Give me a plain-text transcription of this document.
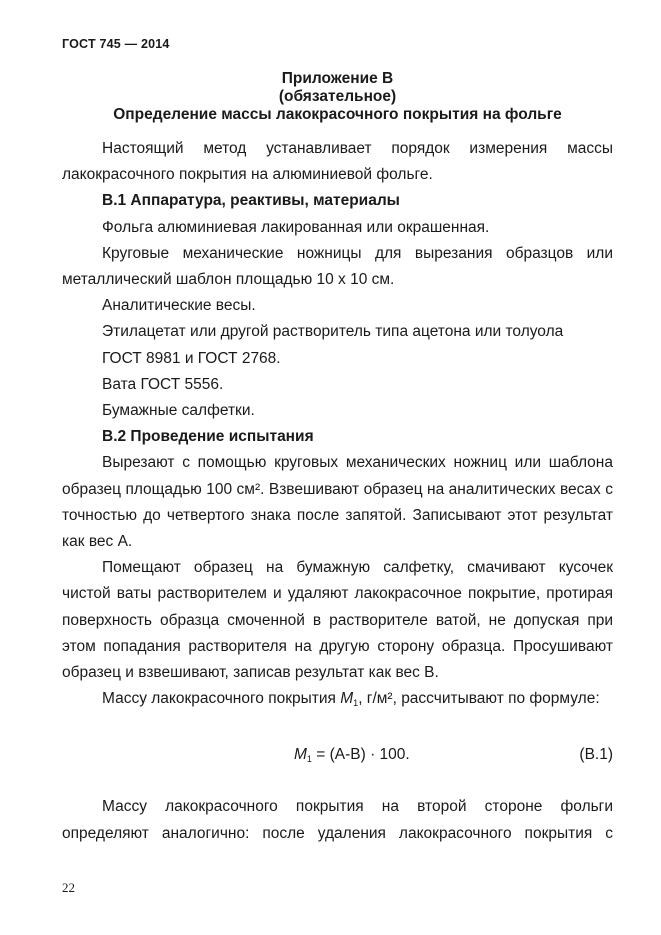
ГОСТ 745 — 2014
Приложение В
(обязательное)
Определение массы лакокрасочного покрытия на фольге

Настоящий метод устанавливает порядок измерения массы лакокрасочного покрытия на алюминиевой фольге.

В.1 Аппаратура, реактивы, материалы

Фольга алюминиевая лакированная или окрашенная.

Круговые механические ножницы для вырезания образцов или металлический шаблон площадью 10 х 10 см.

Аналитические весы.

Этилацетат или другой растворитель типа ацетона или толуола

ГОСТ 8981 и ГОСТ 2768.

Вата ГОСТ 5556.

Бумажные салфетки.

В.2 Проведение испытания

Вырезают с помощью круговых механических ножниц или шаблона образец площадью 100 см². Взвешивают образец на аналитических весах с точностью до четвертого знака после запятой. Записывают этот результат как вес А.

Помещают образец на бумажную салфетку, смачивают кусочек чистой ваты растворителем и удаляют лакокрасочное покрытие, протирая поверхность образца смоченной в растворителе ватой, не допуская при этом попадания растворителя на другую сторону образца. Просушивают образец и взвешивают, записав результат как вес В.

Массу лакокрасочного покрытия $M_1$, г/м², рассчитывают по формуле:

$M_1 = (А-В) \cdot 100$.	(В.1)

Массу лакокрасочного покрытия на второй стороне фольги определяют аналогично: после удаления лакокрасочного покрытия с

22
